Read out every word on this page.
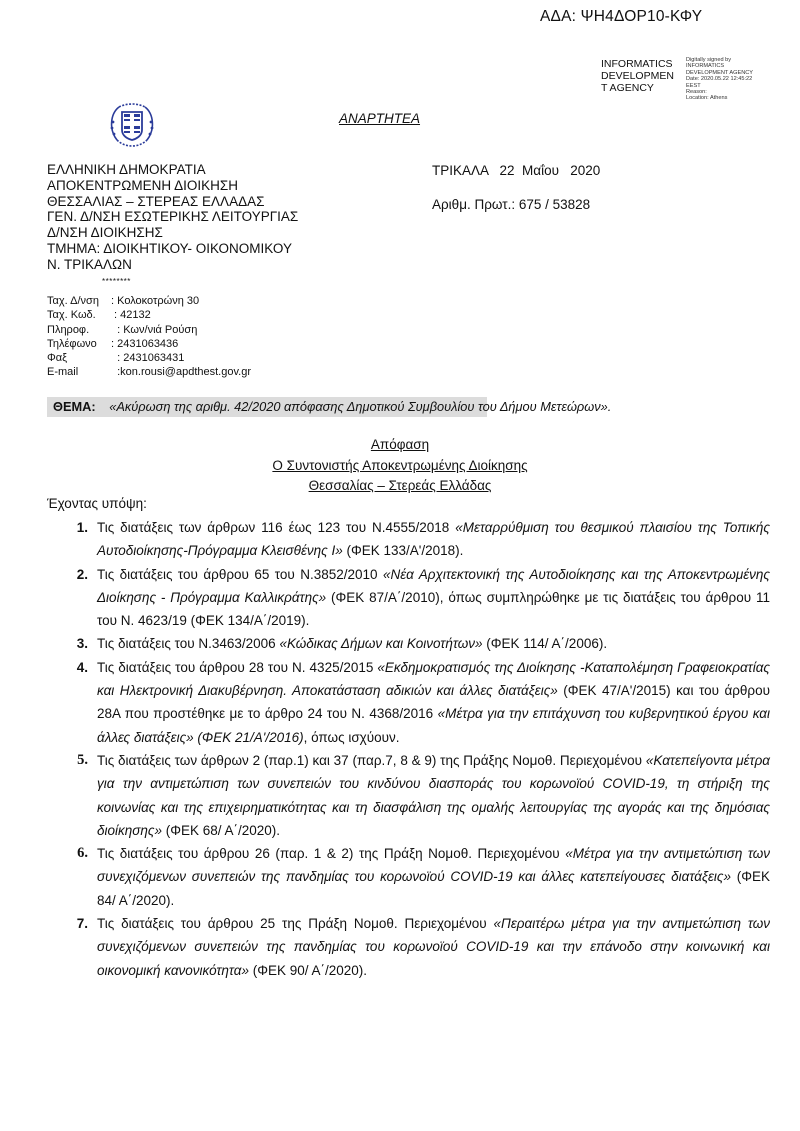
ΑΔΑ: ΨΗ4ΔΟΡ10-ΚΦΥ
INFORMATICS
DEVELOPMEN
T AGENCY
Digitally signed by
INFORMATICS
DEVELOPMENT AGENCY
Date: 2020.05.22 12:45:22
EEST
Reason:
Location: Athens
ΑΝΑΡΤΗΤΕΑ
ΕΛΛΗΝΙΚΗ ΔΗΜΟΚΡΑΤΙΑ
ΑΠΟΚΕΝΤΡΩΜΕΝΗ ΔΙΟΙΚΗΣΗ
ΘΕΣΣΑΛΙΑΣ – ΣΤΕΡΕΑΣ ΕΛΛΑΔΑΣ
ΓΕΝ. Δ/ΝΣΗ ΕΣΩΤΕΡΙΚΗΣ ΛΕΙΤΟΥΡΓΙΑΣ
Δ/ΝΣΗ ΔΙΟΙΚΗΣΗΣ
ΤΜΗΜΑ: ΔΙΟΙΚΗΤΙΚΟΥ- ΟΙΚΟΝΟΜΙΚΟΥ
Ν. ΤΡΙΚΑΛΩΝ
********
ΤΡΙΚΑΛΑ   22  Μαΐου   2020
Αριθμ. Πρωτ.: 675 / 53828
Ταχ. Δ/νση	: Κολοκοτρώνη 30
Ταχ. Κωδ.	: 42132
Πληροφ.	: Κων/νιά Ρούση
Τηλέφωνο	: 2431063436
Φαξ	: 2431063431
E-mail	:kon.rousi@apdthest.gov.gr
ΘΕΜΑ: «Ακύρωση της αριθμ. 42/2020 απόφασης Δημοτικού Συμβουλίου του Δήμου Μετεώρων».
Απόφαση
Ο Συντονιστής Αποκεντρωμένης Διοίκησης
Θεσσαλίας – Στερεάς Ελλάδας
Έχοντας υπόψη:
1. Τις διατάξεις των άρθρων 116 έως 123 του Ν.4555/2018 «Μεταρρύθμιση του θεσμικού πλαισίου της Τοπικής Αυτοδιοίκησης-Πρόγραμμα Κλεισθένης Ι» (ΦΕΚ 133/Α'/2018).
2. Τις διατάξεις του άρθρου 65 του Ν.3852/2010 «Νέα Αρχιτεκτονική της Αυτοδιοίκησης και της Αποκεντρωμένης Διοίκησης - Πρόγραμμα Καλλικράτης» (ΦΕΚ 87/Α΄/2010), όπως συμπληρώθηκε με τις διατάξεις του άρθρου 11 του Ν. 4623/19 (ΦΕΚ 134/Α΄/2019).
3. Τις διατάξεις του Ν.3463/2006 «Κώδικας Δήμων και Κοινοτήτων» (ΦΕΚ 114/ Α΄/2006).
4. Τις διατάξεις του άρθρου 28 του Ν. 4325/2015 «Εκδημοκρατισμός της Διοίκησης -Καταπολέμηση Γραφειοκρατίας και Ηλεκτρονική Διακυβέρνηση. Αποκατάσταση αδικιών και άλλες διατάξεις» (ΦΕΚ 47/Α'/2015) και του άρθρου 28Α που προστέθηκε με το άρθρο 24 του Ν. 4368/2016 «Μέτρα για την επιτάχυνση του κυβερνητικού έργου και άλλες διατάξεις» (ΦΕΚ 21/Α'/2016), όπως ισχύουν.
5. Τις διατάξεις των άρθρων 2 (παρ.1) και 37 (παρ.7, 8 & 9) της Πράξης Νομοθ. Περιεχομένου «Κατεπείγοντα μέτρα για την αντιμετώπιση των συνεπειών του κινδύνου διασποράς του κορωνοϊού COVID-19, τη στήριξη της κοινωνίας και της επιχειρηματικότητας και τη διασφάλιση της ομαλής λειτουργίας της αγοράς και της δημόσιας διοίκησης» (ΦΕΚ 68/ Α΄/2020).
6. Τις διατάξεις του άρθρου 26 (παρ. 1 & 2) της Πράξη Νομοθ. Περιεχομένου «Μέτρα για την αντιμετώπιση των συνεχιζόμενων συνεπειών της πανδημίας του κορωνοϊού COVID-19 και άλλες κατεπείγουσες διατάξεις» (ΦΕΚ 84/ Α΄/2020).
7. Τις διατάξεις του άρθρου 25 της Πράξη Νομοθ. Περιεχομένου «Περαιτέρω μέτρα για την αντιμετώπιση των συνεχιζόμενων συνεπειών της πανδημίας του κορωνοϊού COVID-19 και την επάνοδο στην κοινωνική και οικονομική κανονικότητα» (ΦΕΚ 90/ Α΄/2020).
